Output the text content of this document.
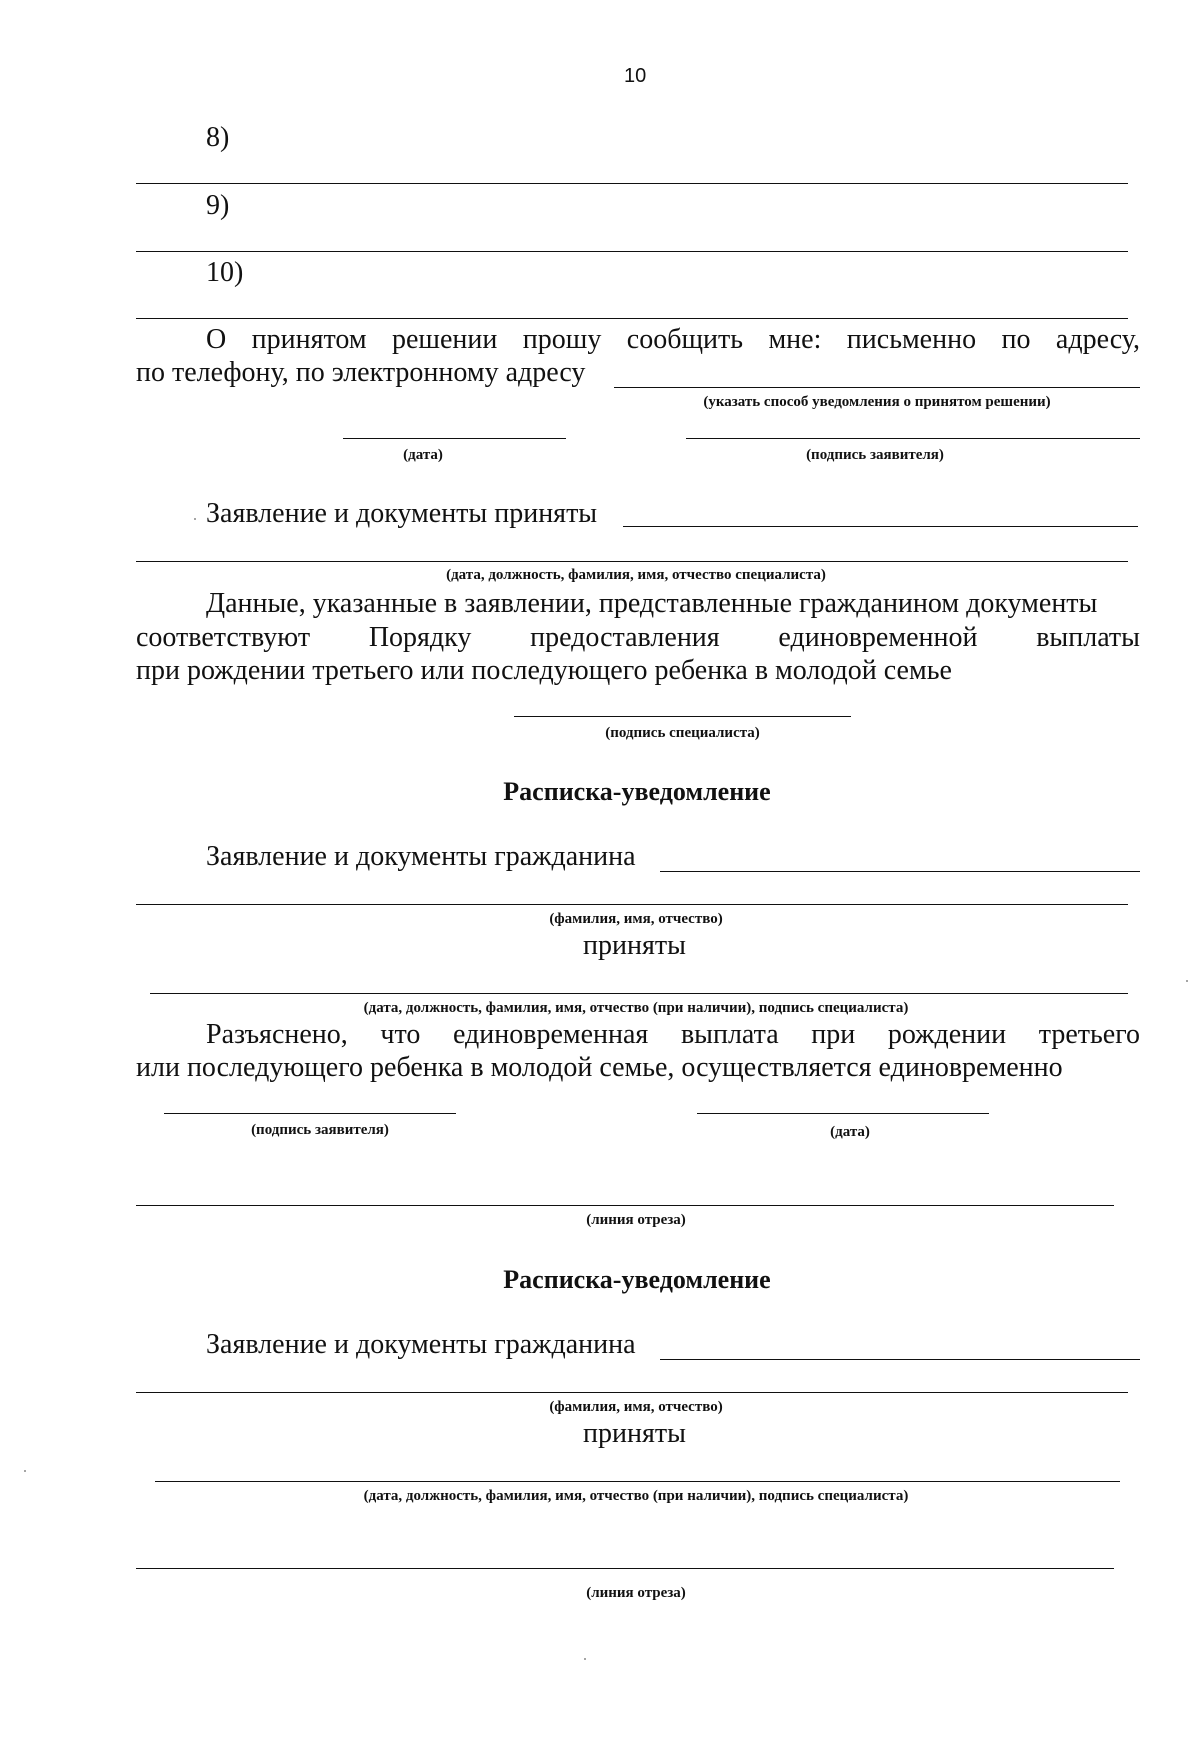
10
8)
9)
10)
О принятом решении прошу сообщить мне: письменно по адресу,
по телефону, по электронному адресу
(указать способ уведомления о принятом решении)
(дата)	(подпись заявителя)
Заявление и документы приняты
(дата, должность, фамилия, имя, отчество специалиста)
Данные, указанные в заявлении, представленные гражданином документы
соответствуют Порядку предоставления единовременной выплаты
при рождении третьего или последующего ребенка в молодой семье
(подпись специалиста)
Расписка-уведомление
Заявление и документы гражданина
(фамилия, имя, отчество)
приняты
(дата, должность, фамилия, имя, отчество (при наличии), подпись специалиста)
Разъяснено, что единовременная выплата при рождении третьего
или последующего ребенка в молодой семье, осуществляется единовременно
(подпись заявителя)	(дата)
(линия отреза)
Расписка-уведомление
Заявление и документы гражданина
(фамилия, имя, отчество)
приняты
(дата, должность, фамилия, имя, отчество (при наличии), подпись специалиста)
(линия отреза)
